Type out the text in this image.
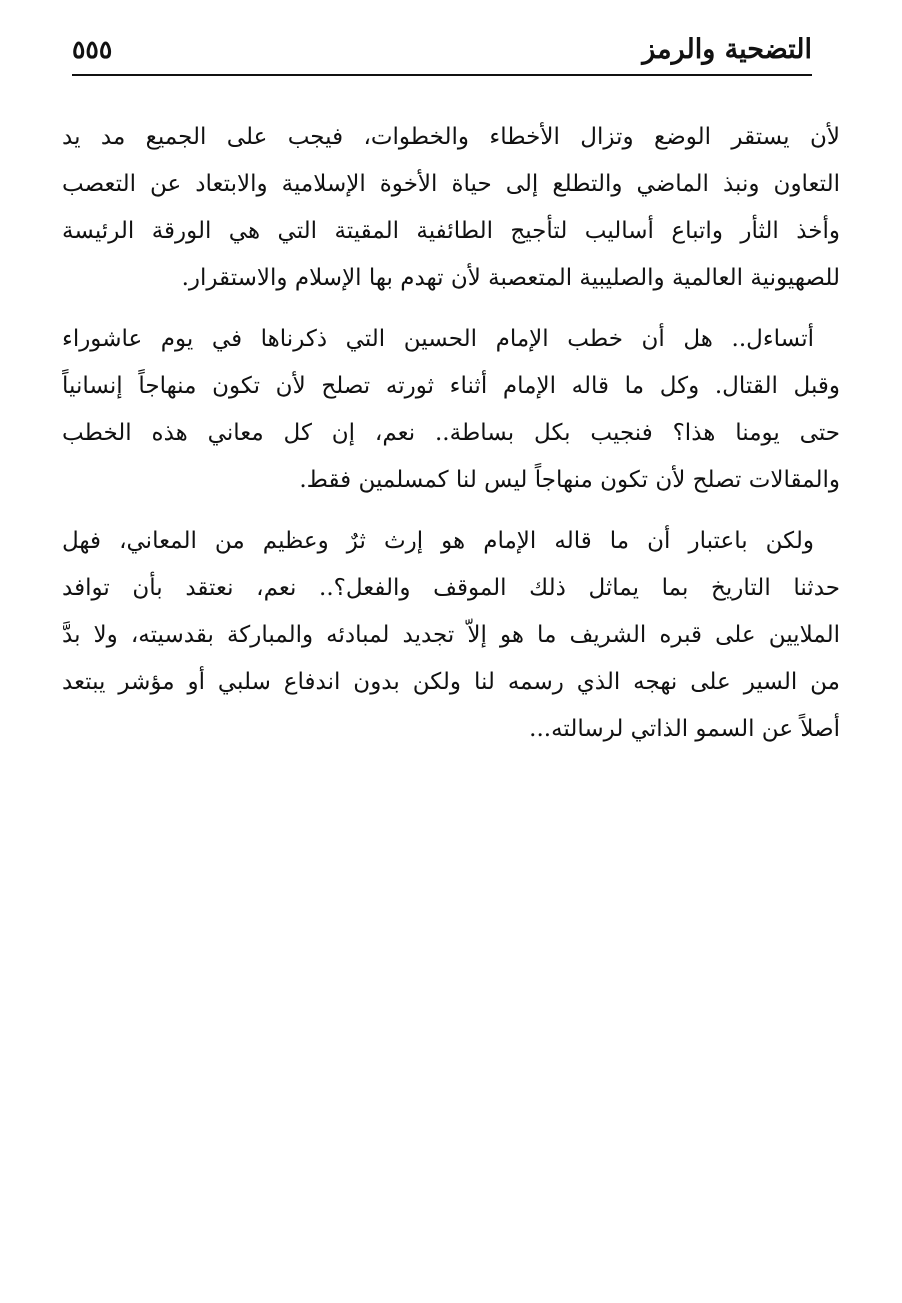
التضحية والرمز
٥٥٥
لأن يستقر الوضع وتزال الأخطاء والخطوات، فيجب على الجميع مد يد
التعاون ونبذ الماضي والتطلع إلى حياة الأخوة الإسلامية والابتعاد عن التعصب
وأخذ الثأر واتباع أساليب لتأجيج الطائفية المقيتة التي هي الورقة الرئيسة
للصهيونية العالمية والصليبية المتعصبة لأن تهدم بها الإسلام والاستقرار.
أتساءل.. هل أن خطب الإمام الحسين التي ذكرناها في يوم عاشوراء
وقبل القتال. وكل ما قاله الإمام أثناء ثورته تصلح لأن تكون منهاجاً إنسانياً
حتى يومنا هذا؟ فنجيب بكل بساطة.. نعم، إن كل معاني هذه الخطب
والمقالات تصلح لأن تكون منهاجاً ليس لنا كمسلمين فقط.
ولكن باعتبار أن ما قاله الإمام هو إرث ثرٌ وعظيم من المعاني، فهل
حدثنا التاريخ بما يماثل ذلك الموقف والفعل؟.. نعم، نعتقد بأن توافد
الملايين على قبره الشريف ما هو إلاّ تجديد لمبادئه والمباركة بقدسيته، ولا بدَّ
من السير على نهجه الذي رسمه لنا ولكن بدون اندفاع سلبي أو مؤشر يبتعد
أصلاً عن السمو الذاتي لرسالته...
